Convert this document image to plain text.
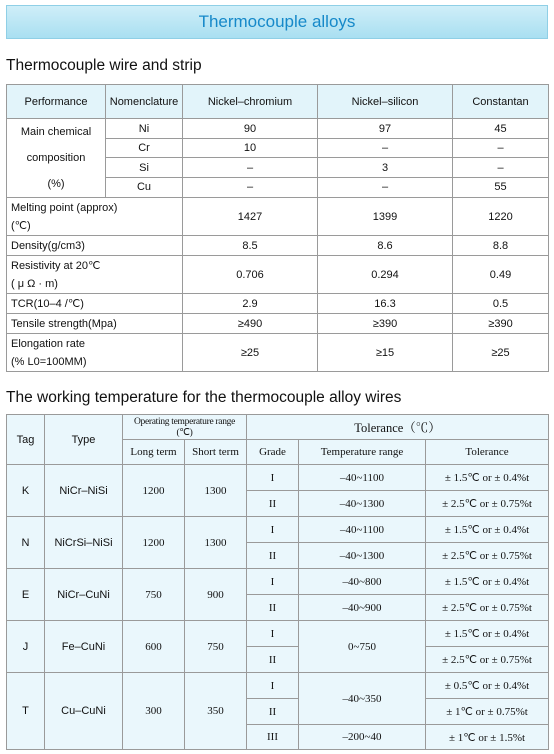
Thermocouple alloys
Thermocouple wire and strip
Performance	Nomenclature	Nickel–chromium	Nickel–silicon	Constantan

Main chemical
composition
(%)	Ni	90	97	45
	Cr	10	–	–
	Si	–	3	–
	Cu	–	–	55

Melting point (approx)
(℃)		1427	1399	1220
Density(g/cm3)		8.5	8.6	8.8

Resistivity at 20℃
( μ Ω · m)		0.706	0.294	0.49
TCR(10–4 /℃)		2.9	16.3	0.5
Tensile strength(Mpa)		≥490	≥390	≥390

Elongation rate
(% L0=100MM)		≥25	≥15	≥25
The working temperature for the thermocouple alloy wires
Tag	Type	Operating temperature range (℃)		Tolerance（℃）		
		Long term	Short term	Grade	Temperature range	Tolerance
K	NiCr–NiSi	1200	1300	I	–40~1100	± 1.5℃ or ± 0.4%t
				II	–40~1300	± 2.5℃ or ± 0.75%t
N	NiCrSi–NiSi	1200	1300	I	–40~1100	± 1.5℃ or ± 0.4%t
				II	–40~1300	± 2.5℃ or ± 0.75%t
E	NiCr–CuNi	750	900	I	–40~800	± 1.5℃ or ± 0.4%t
				II	–40~900	± 2.5℃ or ± 0.75%t
J	Fe–CuNi	600	750	I	0~750	± 1.5℃ or ± 0.4%t
				II		± 2.5℃ or ± 0.75%t
T	Cu–CuNi	300	350	I	–40~350	± 0.5℃ or ± 0.4%t
				II		± 1℃ or ± 0.75%t
				III	–200~40	± 1℃ or ± 1.5%t
